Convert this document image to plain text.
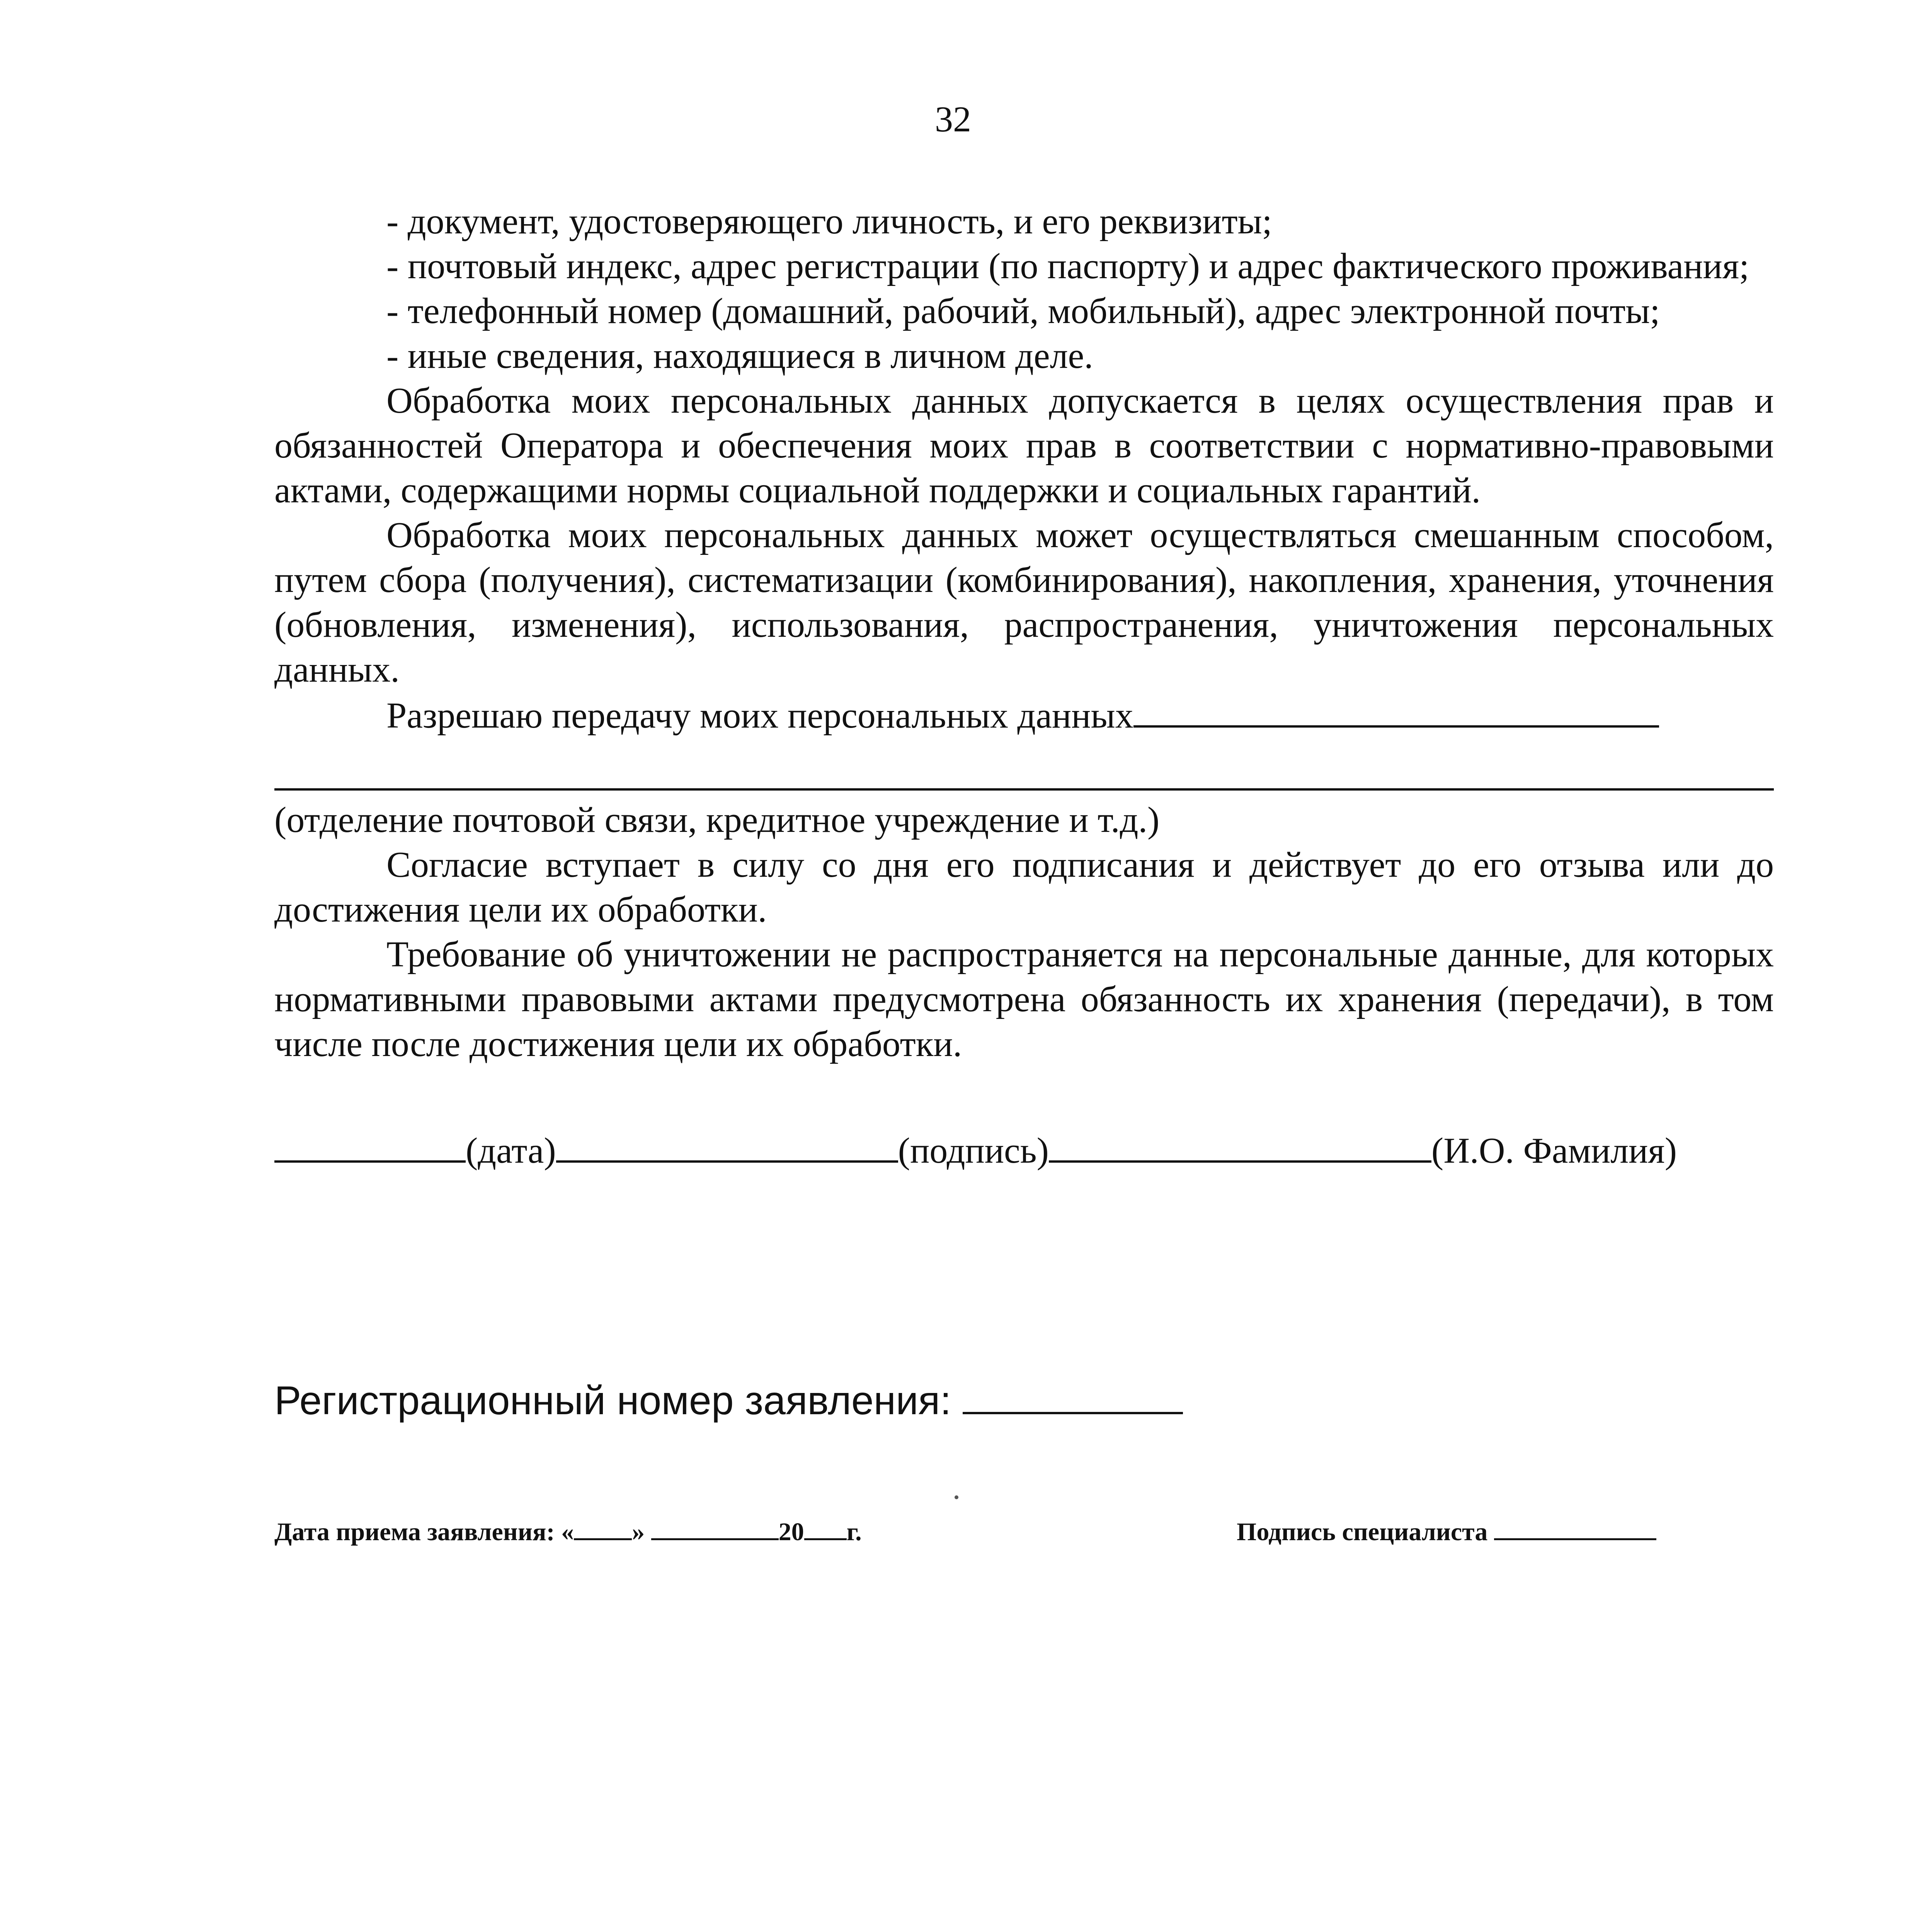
32

- документ, удостоверяющего личность, и его реквизиты;

- почтовый индекс, адрес регистрации (по паспорту) и адрес фактического проживания;

- телефонный номер (домашний, рабочий, мобильный), адрес электронной почты;

- иные сведения, находящиеся в личном деле.

Обработка моих персональных данных допускается в целях осуществления прав и обязанностей Оператора и обеспечения моих прав в соответствии с нормативно-правовыми актами, содержащими нормы социальной поддержки и социальных гарантий.

Обработка моих персональных данных может осуществляться смешанным способом, путем сбора (получения), систематизации (комбинирования), накопления, хранения, уточнения (обновления, изменения), использования, распространения, уничтожения персональных данных.

Разрешаю передачу моих персональных данных

(отделение почтовой связи, кредитное учреждение и т.д.)

Согласие вступает в силу со дня его подписания и действует до его отзыва или до достижения цели их обработки.

Требование об уничтожении не распространяется на персональные данные, для которых нормативными правовыми актами предусмотрена обязанность их хранения (передачи), в том числе после достижения цели их обработки.

(дата)	(подпись)	(И.О. Фамилия)
Регистрационный номер заявления:
Дата приема заявления: « »	20 г.	Подпись специалиста
